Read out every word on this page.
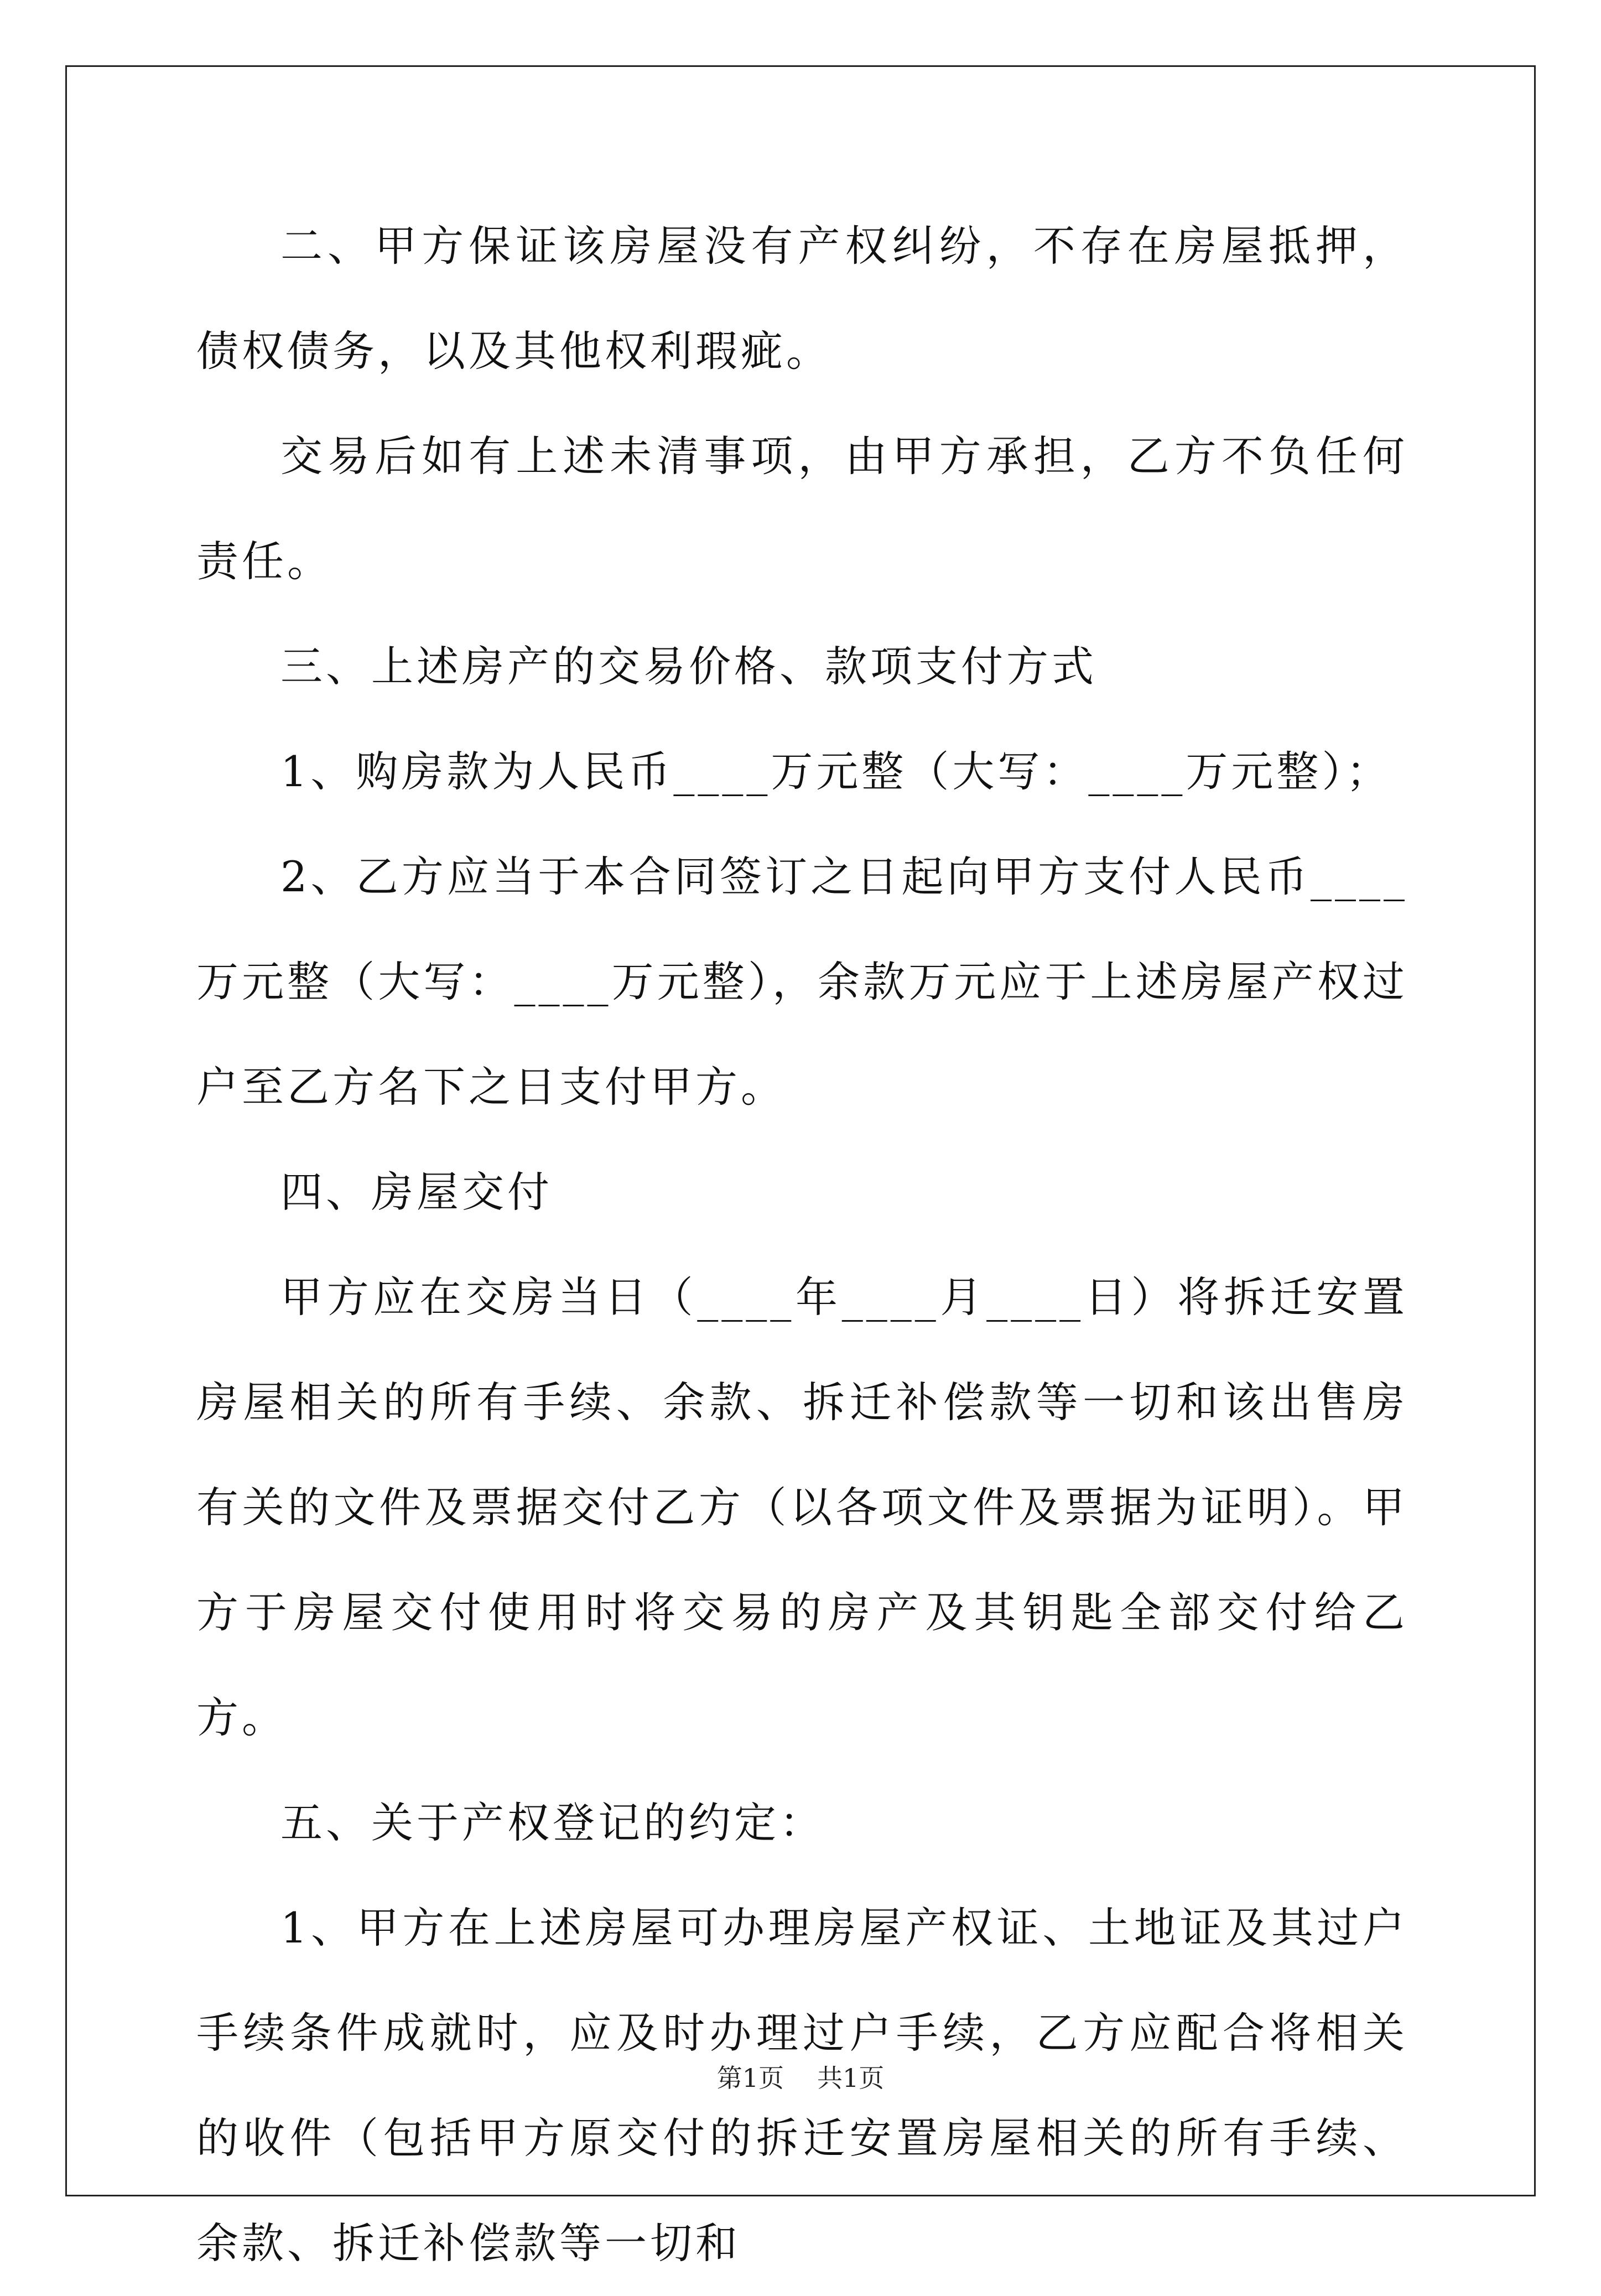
二、甲方保证该房屋没有产权纠纷，不存在房屋抵押，债权债务，以及其他权利瑕疵。

交易后如有上述未清事项，由甲方承担，乙方不负任何责任。

三、上述房产的交易价格、款项支付方式

1、购房款为人民币____万元整（大写：____万元整）；

2、乙方应当于本合同签订之日起向甲方支付人民币____万元整（大写：____万元整），余款万元应于上述房屋产权过户至乙方名下之日支付甲方。

四、房屋交付

甲方应在交房当日（____年____月____日）将拆迁安置房屋相关的所有手续、余款、拆迁补偿款等一切和该出售房有关的文件及票据交付乙方（以各项文件及票据为证明）。甲方于房屋交付使用时将交易的房产及其钥匙全部交付给乙方。

五、关于产权登记的约定：

1、甲方在上述房屋可办理房屋产权证、土地证及其过户手续条件成就时，应及时办理过户手续，乙方应配合将相关的收件（包括甲方原交付的拆迁安置房屋相关的所有手续、余款、拆迁补偿款等一切和

第1页 共1页
